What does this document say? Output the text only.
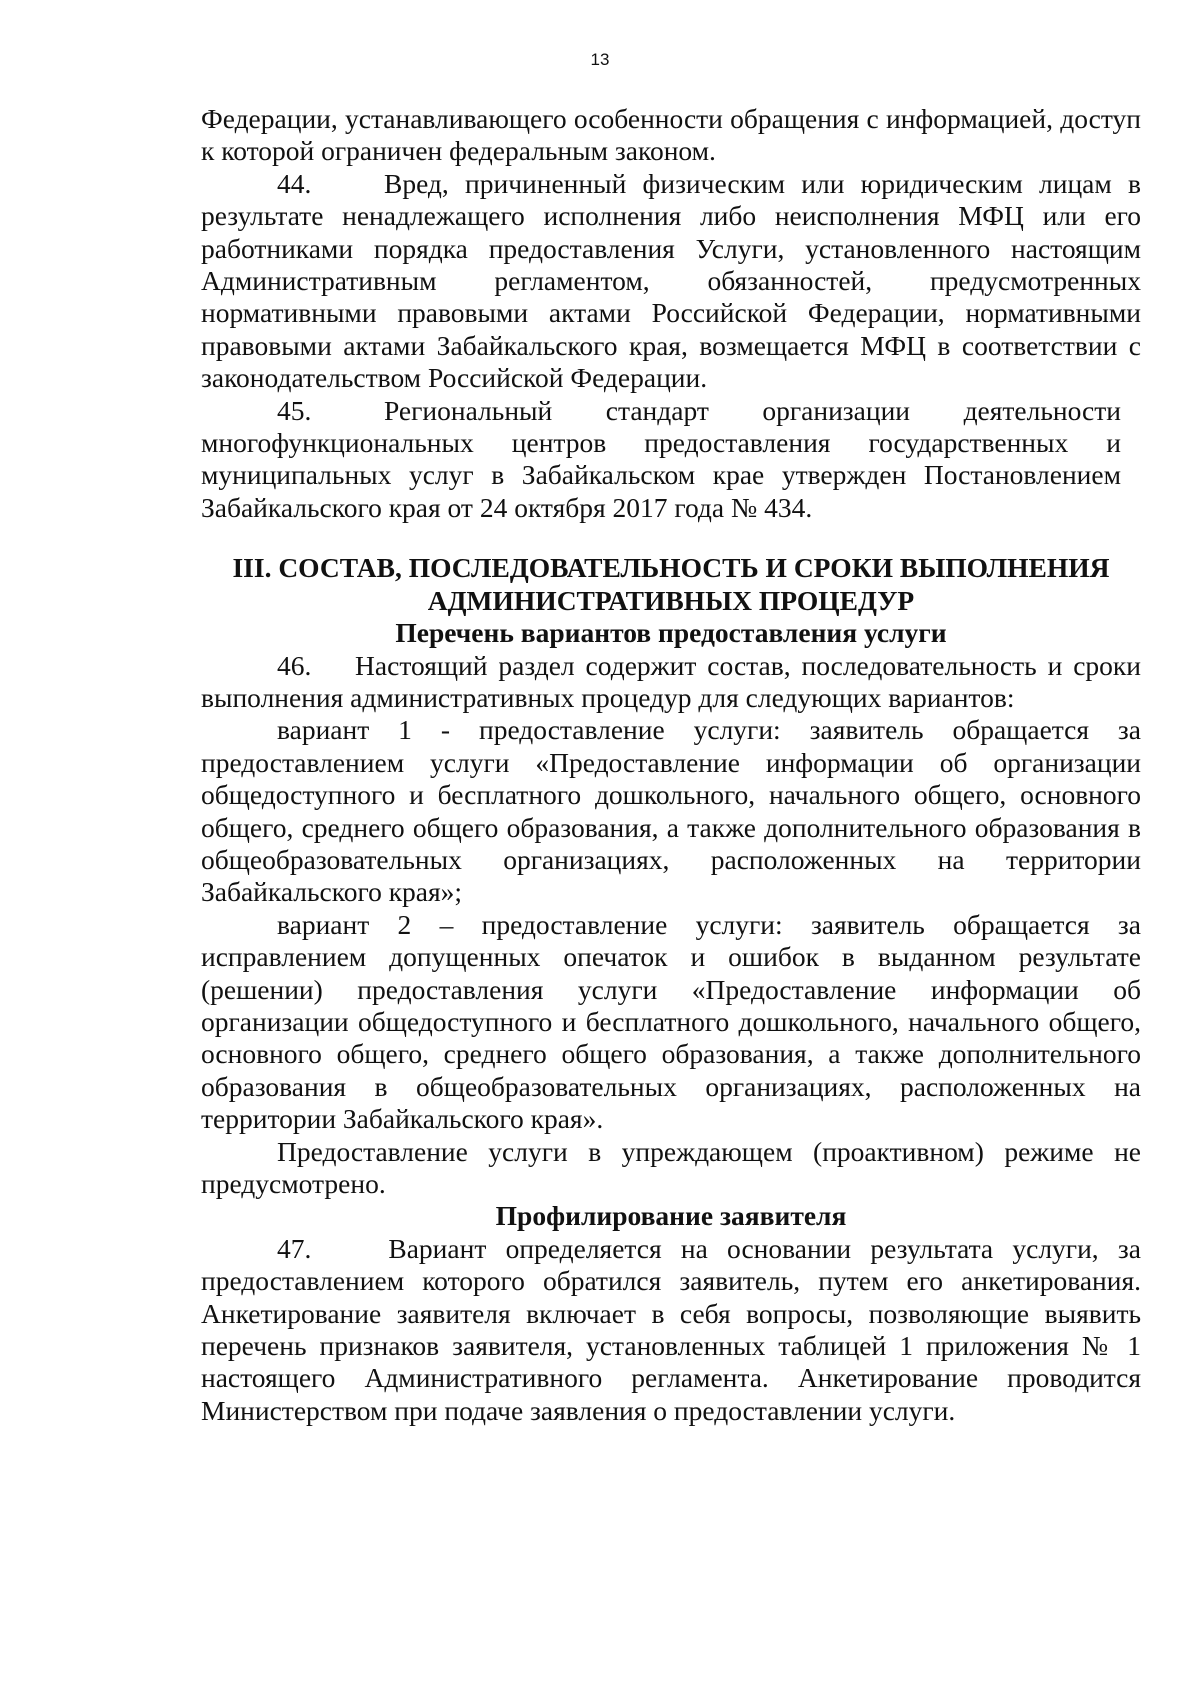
13

Федерации, устанавливающего особенности обращения с информацией, доступ к которой ограничен федеральным законом.

44.	Вред, причиненный физическим или юридическим лицам в результате ненадлежащего исполнения либо неисполнения МФЦ или его работниками порядка предоставления Услуги, установленного настоящим Административным регламентом, обязанностей, предусмотренных нормативными правовыми актами Российской Федерации, нормативными правовыми актами Забайкальского края, возмещается МФЦ в соответствии с законодательством Российской Федерации.

45.	Региональный стандарт организации деятельности многофункциональных центров предоставления государственных и муниципальных услуг в Забайкальском крае утвержден Постановлением Забайкальского края от 24 октября 2017 года № 434.

III. СОСТАВ, ПОСЛЕДОВАТЕЛЬНОСТЬ И СРОКИ ВЫПОЛНЕНИЯ
АДМИНИСТРАТИВНЫХ ПРОЦЕДУР
Перечень вариантов предоставления услуги

46. Настоящий раздел содержит состав, последовательность и сроки выполнения административных процедур для следующих вариантов:

вариант 1 - предоставление услуги: заявитель обращается за предоставлением услуги «Предоставление информации об организации общедоступного и бесплатного дошкольного, начального общего, основного общего, среднего общего образования, а также дополнительного образования в общеобразовательных организациях, расположенных на территории Забайкальского края»;

вариант 2 – предоставление услуги: заявитель обращается за исправлением допущенных опечаток и ошибок в выданном результате (решении) предоставления услуги «Предоставление информации об организации общедоступного и бесплатного дошкольного, начального общего, основного общего, среднего общего образования, а также дополнительного образования в общеобразовательных организациях, расположенных на территории Забайкальского края».

Предоставление услуги в упреждающем (проактивном) режиме не предусмотрено.

Профилирование заявителя

47.	Вариант определяется на основании результата услуги, за предоставлением которого обратился заявитель, путем его анкетирования. Анкетирование заявителя включает в себя вопросы, позволяющие выявить перечень признаков заявителя, установленных таблицей 1 приложения № 1 настоящего Административного регламента. Анкетирование проводится Министерством при подаче заявления о предоставлении услуги.
